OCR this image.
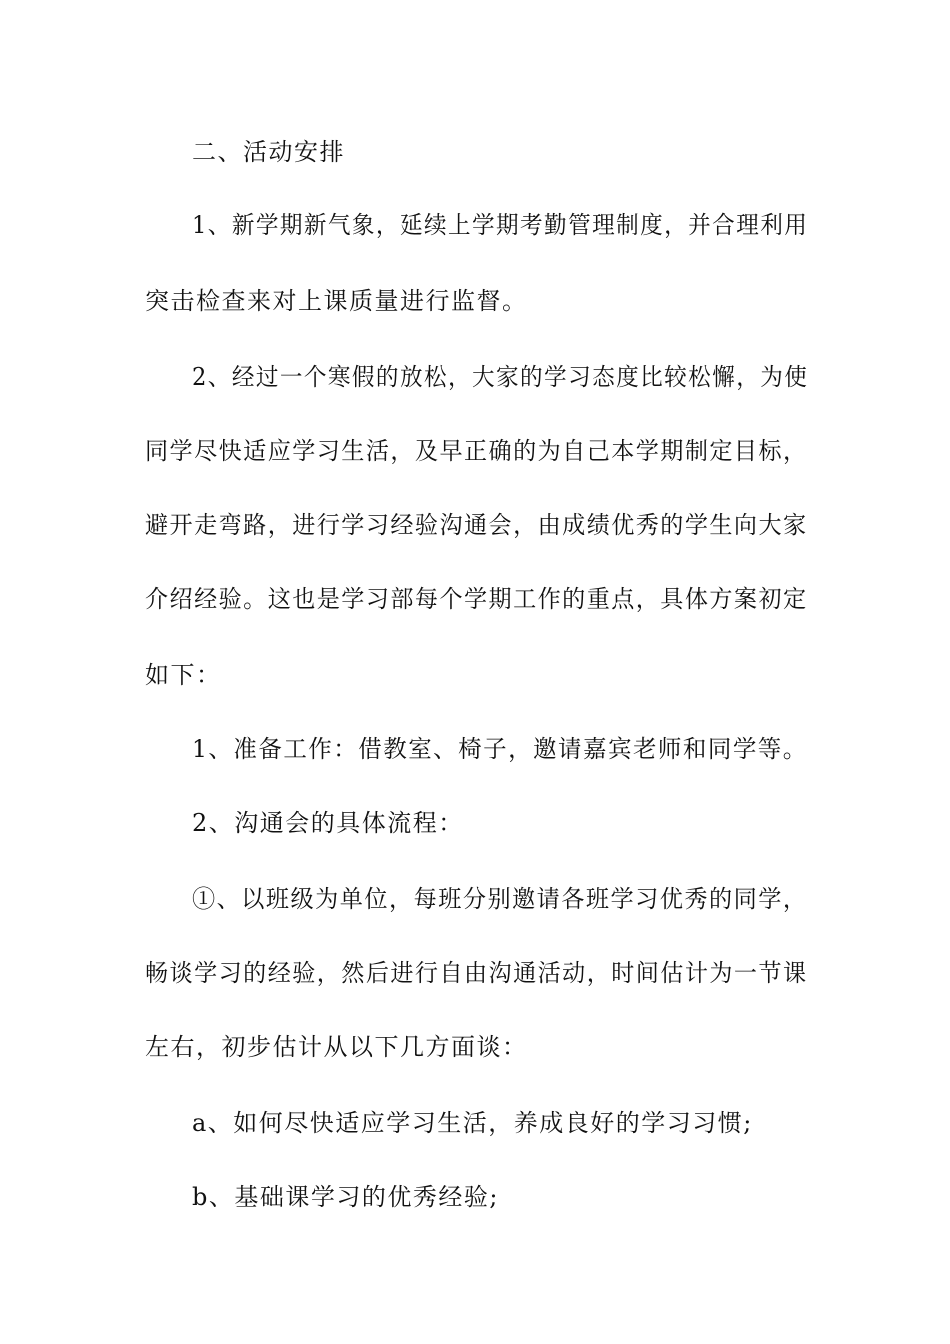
二、活动安排

1、新学期新气象，延续上学期考勤管理制度，并合理利用

突击检查来对上课质量进行监督。

2、经过一个寒假的放松，大家的学习态度比较松懈，为使

同学尽快适应学习生活，及早正确的为自己本学期制定目标，

避开走弯路，进行学习经验沟通会，由成绩优秀的学生向大家

介绍经验。这也是学习部每个学期工作的重点，具体方案初定

如下：

1、准备工作：借教室、椅子，邀请嘉宾老师和同学等。

2、沟通会的具体流程：

①、以班级为单位，每班分别邀请各班学习优秀的同学，

畅谈学习的经验，然后进行自由沟通活动，时间估计为一节课

左右，初步估计从以下几方面谈：

a、如何尽快适应学习生活，养成良好的学习习惯;

b、基础课学习的优秀经验;
